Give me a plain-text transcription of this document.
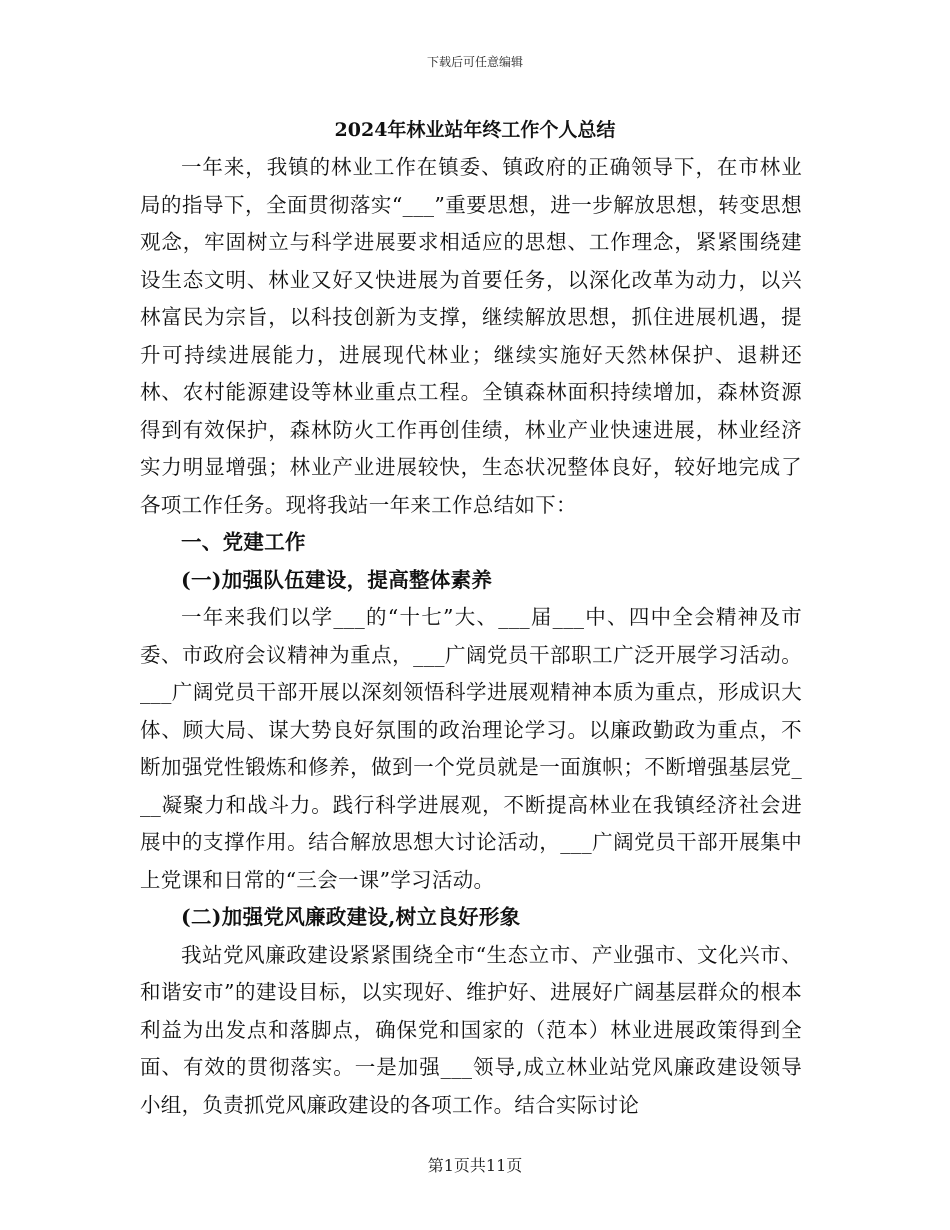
下载后可任意编辑
2024年林业站年终工作个人总结

一年来，我镇的林业工作在镇委、镇政府的正确领导下，在市林业局的指导下，全面贯彻落实“___”重要思想，进一步解放思想，转变思想观念，牢固树立与科学进展要求相适应的思想、工作理念，紧紧围绕建设生态文明、林业又好又快进展为首要任务，以深化改革为动力，以兴林富民为宗旨，以科技创新为支撑，继续解放思想，抓住进展机遇，提升可持续进展能力，进展现代林业；继续实施好天然林保护、退耕还林、农村能源建设等林业重点工程。全镇森林面积持续增加，森林资源得到有效保护，森林防火工作再创佳绩，林业产业快速进展，林业经济实力明显增强；林业产业进展较快，生态状况整体良好，较好地完成了各项工作任务。现将我站一年来工作总结如下：

一、党建工作

(一)加强队伍建设，提高整体素养

一年来我们以学___的“十七”大、___届___中、四中全会精神及市委、市政府会议精神为重点，___广阔党员干部职工广泛开展学习活动。___广阔党员干部开展以深刻领悟科学进展观精神本质为重点，形成识大体、顾大局、谋大势良好氛围的政治理论学习。以廉政勤政为重点，不断加强党性锻炼和修养，做到一个党员就是一面旗帜；不断增强基层党___凝聚力和战斗力。践行科学进展观，不断提高林业在我镇经济社会进展中的支撑作用。结合解放思想大讨论活动，___广阔党员干部开展集中上党课和日常的“三会一课”学习活动。

(二)加强党风廉政建设,树立良好形象

我站党风廉政建设紧紧围绕全市“生态立市、产业强市、文化兴市、和谐安市”的建设目标，以实现好、维护好、进展好广阔基层群众的根本利益为出发点和落脚点，确保党和国家的（范本）林业进展政策得到全面、有效的贯彻落实。一是加强___领导,成立林业站党风廉政建设领导小组，负责抓党风廉政建设的各项工作。结合实际讨论

第1页共11页
